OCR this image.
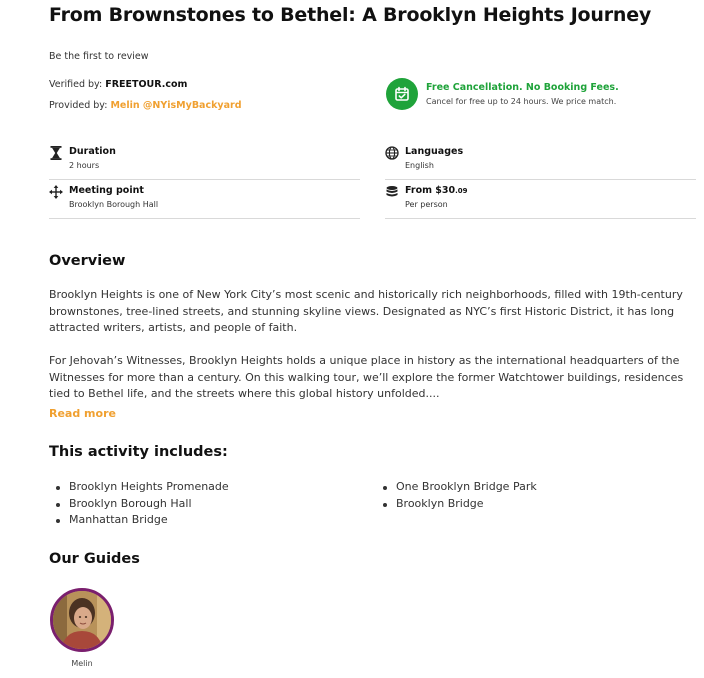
From Brownstones to Bethel: A Brooklyn Heights Journey
Be the first to review
Verified by: FREETOUR.com
Provided by: Melin @NYisMyBackyard
Free Cancellation. No Booking Fees.
Cancel for free up to 24 hours. We price match.
Duration
2 hours
Languages
English
Meeting point
Brooklyn Borough Hall
From $30.09
Per person
Overview

Brooklyn Heights is one of New York City’s most scenic and historically rich neighborhoods, filled with 19th-century brownstones, tree-lined streets, and stunning skyline views. Designated as NYC’s first Historic District, it has long attracted writers, artists, and people of faith.

For Jehovah’s Witnesses, Brooklyn Heights holds a unique place in history as the international headquarters of the Witnesses for more than a century. On this walking tour, we’ll explore the former Watchtower buildings, residences tied to Bethel life, and the streets where this global history unfolded....

Read more
This activity includes:
Brooklyn Heights Promenade
Brooklyn Borough Hall
Manhattan Bridge
One Brooklyn Bridge Park
Brooklyn Bridge
Our Guides
Melin
